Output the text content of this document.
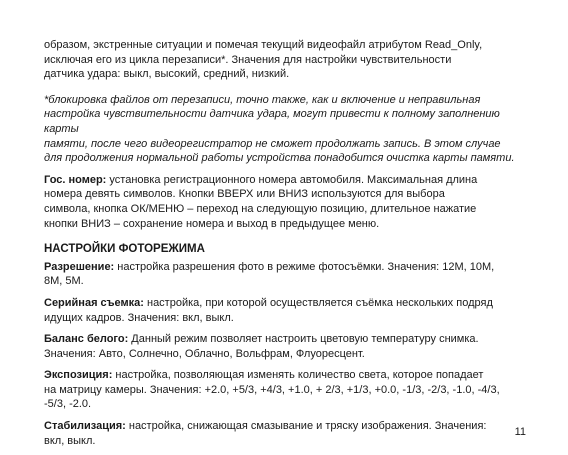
образом, экстренные ситуации и помечая текущий видеофайл атрибутом Read_Only,
исключая его из цикла перезаписи*. Значения для настройки чувствительности
датчика удара: выкл, высокий, средний, низкий.

*блокировка файлов от перезаписи, точно также, как и включение и неправильная
настройка чувствительности датчика удара, могут привести к полному заполнению карты
памяти, после чего видеорегистратор не сможет продолжать запись. В этом случае
для продолжения нормальной работы устройства понадобится очистка карты памяти.

Гос. номер: установка регистрационного номера автомобиля. Максимальная длина
номера девять символов. Кнопки ВВЕРХ или ВНИЗ используются для выбора
символа, кнопка ОК/МЕНЮ – переход на следующую позицию, длительное нажатие
кнопки ВНИЗ – сохранение номера и выход в предыдущее меню.

НАСТРОЙКИ ФОТОРЕЖИМА

Разрешение: настройка разрешения фото в режиме фотосъёмки. Значения: 12M, 10M,
8M, 5M.

Серийная съемка: настройка, при которой осуществляется съёмка нескольких подряд
идущих кадров. Значения: вкл, выкл.

Баланс белого: Данный режим позволяет настроить цветовую температуру снимка.
Значения: Авто, Солнечно, Облачно, Вольфрам, Флуоресцент.

Экспозиция: настройка, позволяющая изменять количество света, которое попадает
на матрицу камеры. Значения: +2.0, +5/3, +4/3, +1.0, + 2/3, +1/3, +0.0, -1/3, -2/3, -1.0, -4/3,
-5/3, -2.0.

Стабилизация: настройка, снижающая смазывание и тряску изображения. Значения:
вкл, выкл.

11
